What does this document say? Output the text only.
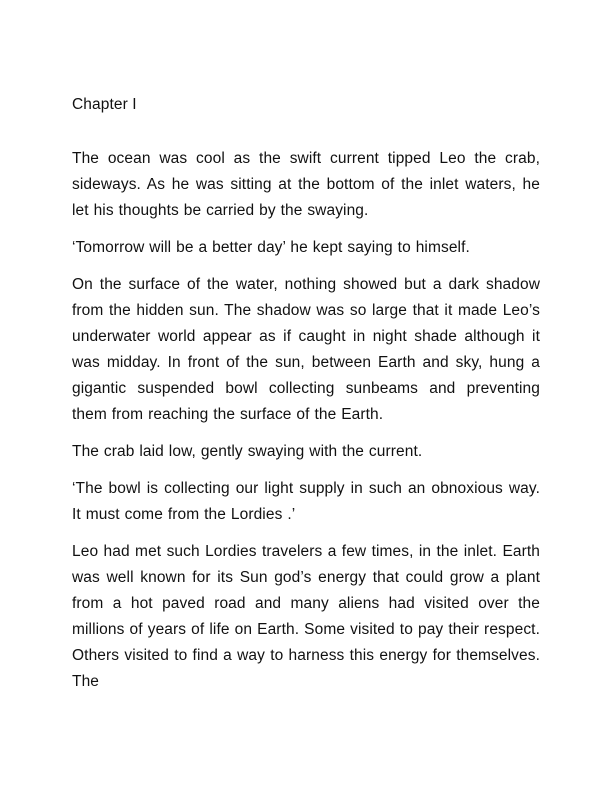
Chapter I

The ocean was cool as the swift current tipped Leo the crab, sideways. As he was sitting at the bottom of the inlet waters, he let his thoughts be carried by the swaying.

‘Tomorrow will be a better day’ he kept saying to himself.

On the surface of the water, nothing showed but a dark shadow from the hidden sun. The shadow was so large that it made Leo’s underwater world appear as if caught in night shade although it was midday. In front of the sun, between Earth and sky, hung a gigantic suspended bowl collecting sunbeams and preventing them from reaching the surface of the Earth.

The crab laid low, gently swaying with the current.

‘The bowl is collecting our light supply in such an obnoxious way. It must come from the Lordies .’

Leo had met such Lordies travelers a few times, in the inlet. Earth was well known for its Sun god’s energy that could grow a plant from a hot paved road and many aliens had visited over the millions of years of life on Earth. Some visited to pay their respect. Others visited to find a way to harness this energy for themselves. The
